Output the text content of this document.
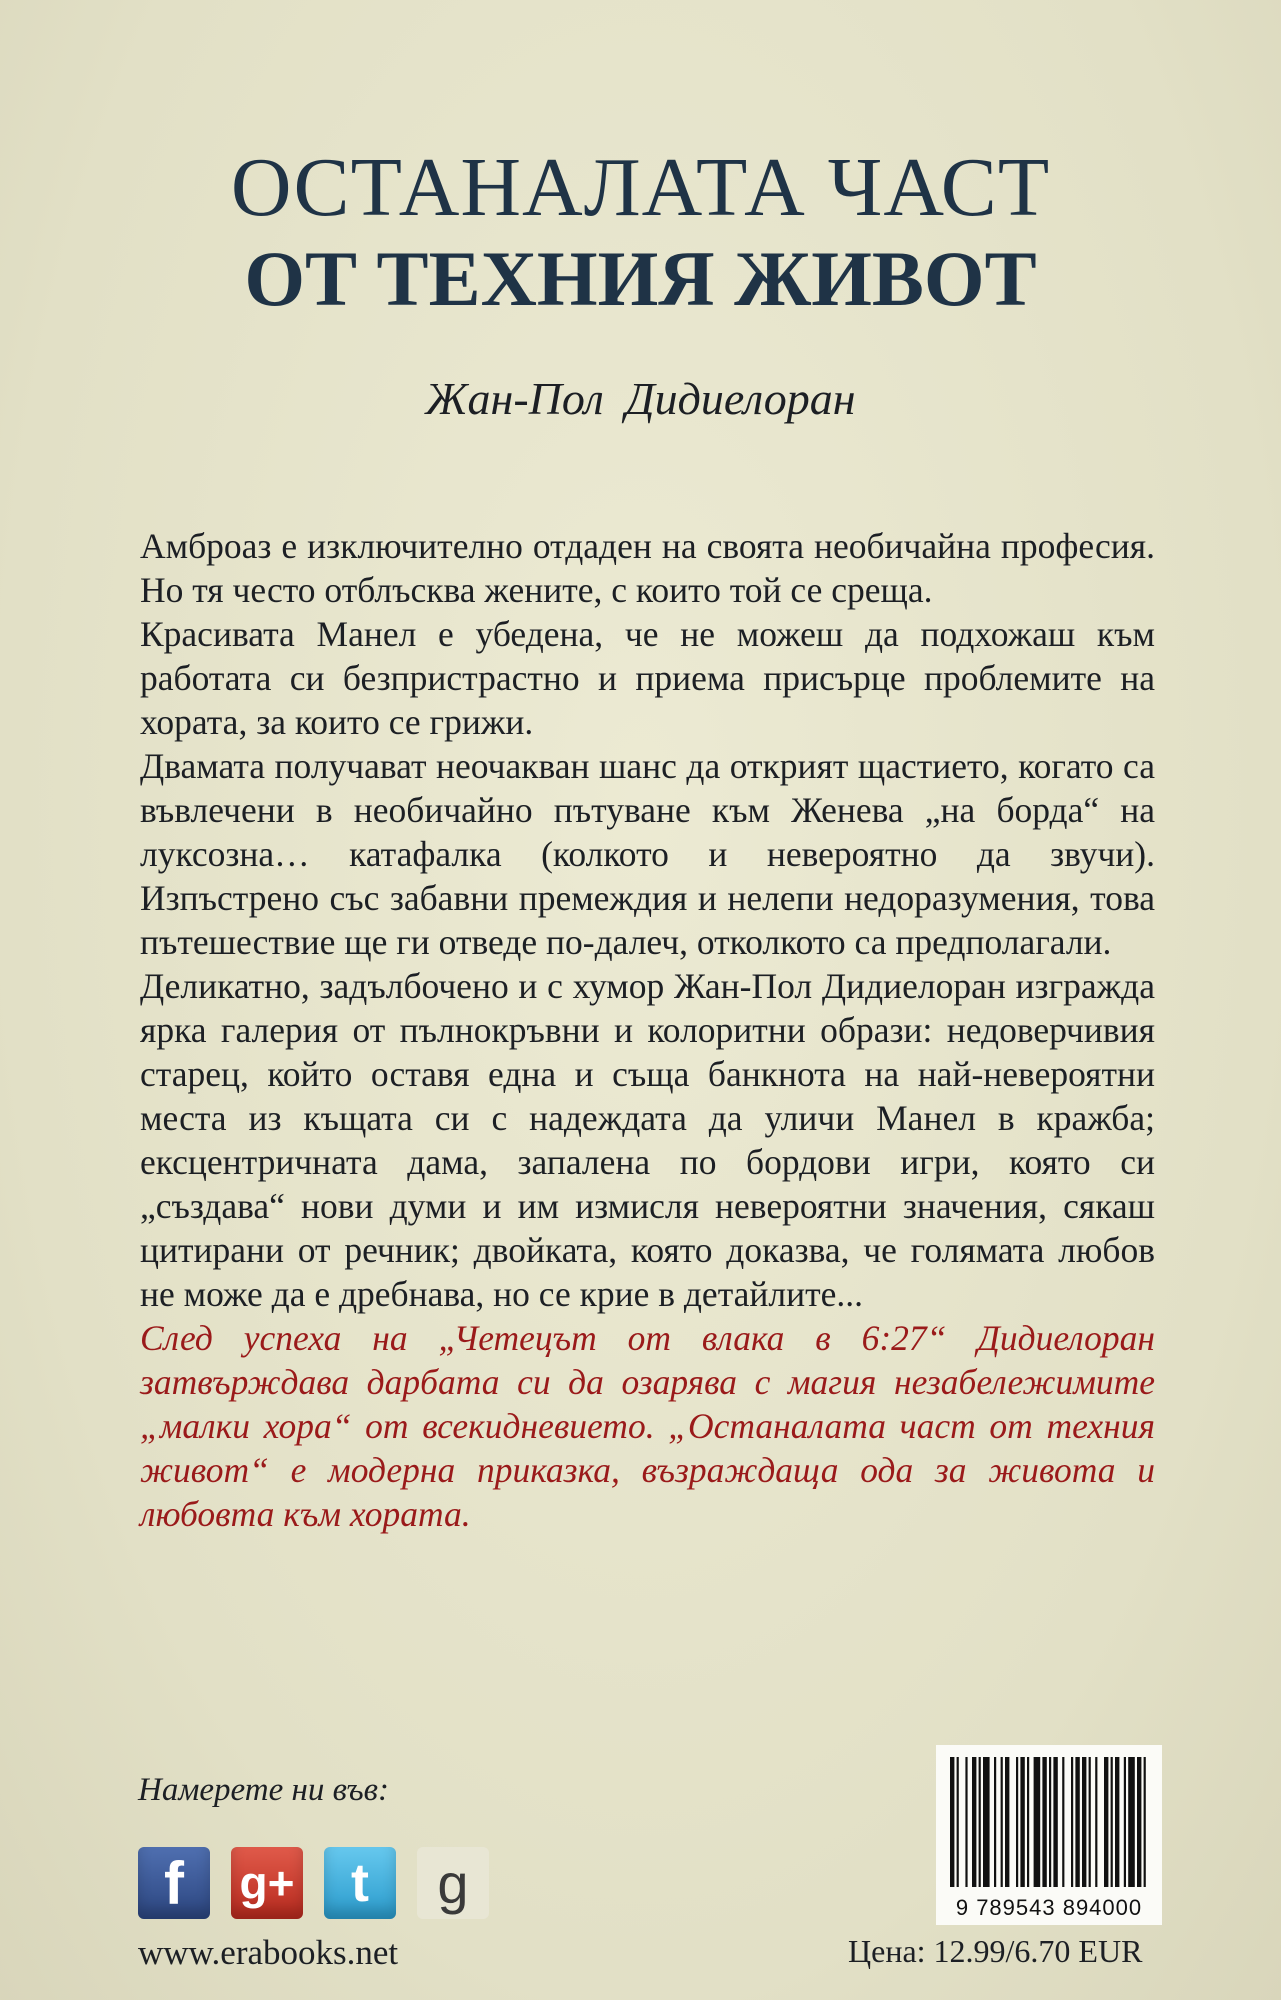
ОСТАНАЛАТА ЧАСТ
ОТ ТЕХНИЯ ЖИВОТ
Жан-Пол Дидиелоран

Амброаз е изключително отдаден на своята необичайна професия. Но тя често отблъсква жените, с които той се среща.

Красивата Манел е убедена, че не можеш да подхожаш към работата си безпристрастно и приема присърце проблемите на хората, за които се грижи.

Двамата получават неочакван шанс да открият щастието, когато са въвлечени в необичайно пътуване към Женева „на борда“ на луксозна… катафалка (колкото и невероятно да звучи). Изпъстрено със забавни премеждия и нелепи недоразумения, това пътешествие ще ги отведе по-далеч, отколкото са предполагали.

Деликатно, задълбочено и с хумор Жан-Пол Дидиелоран изгражда ярка галерия от пълнокръвни и колоритни образи: недоверчивия старец, който оставя една и съща банкнота на най-невероятни места из къщата си с надеждата да уличи Манел в кражба; ексцентричната дама, запалена по бордови игри, която си „създава“ нови думи и им измисля невероятни значения, сякаш цитирани от речник; двойката, която доказва, че голямата любов не може да е дребнава, но се крие в детайлите...

След успеха на „Четецът от влака в 6:27“ Дидиелоран затвърждава дарбата си да озарява с магия незабележимите „малки хора“ от всекидневието. „Останалата част от техния живот“ е модерна приказка, възраждаща ода за живота и любовта към хората.

Намерете ни във:
f	g+	t	g
www.erabooks.net
9 789543 894000
Цена: 12.99/6.70 EUR
